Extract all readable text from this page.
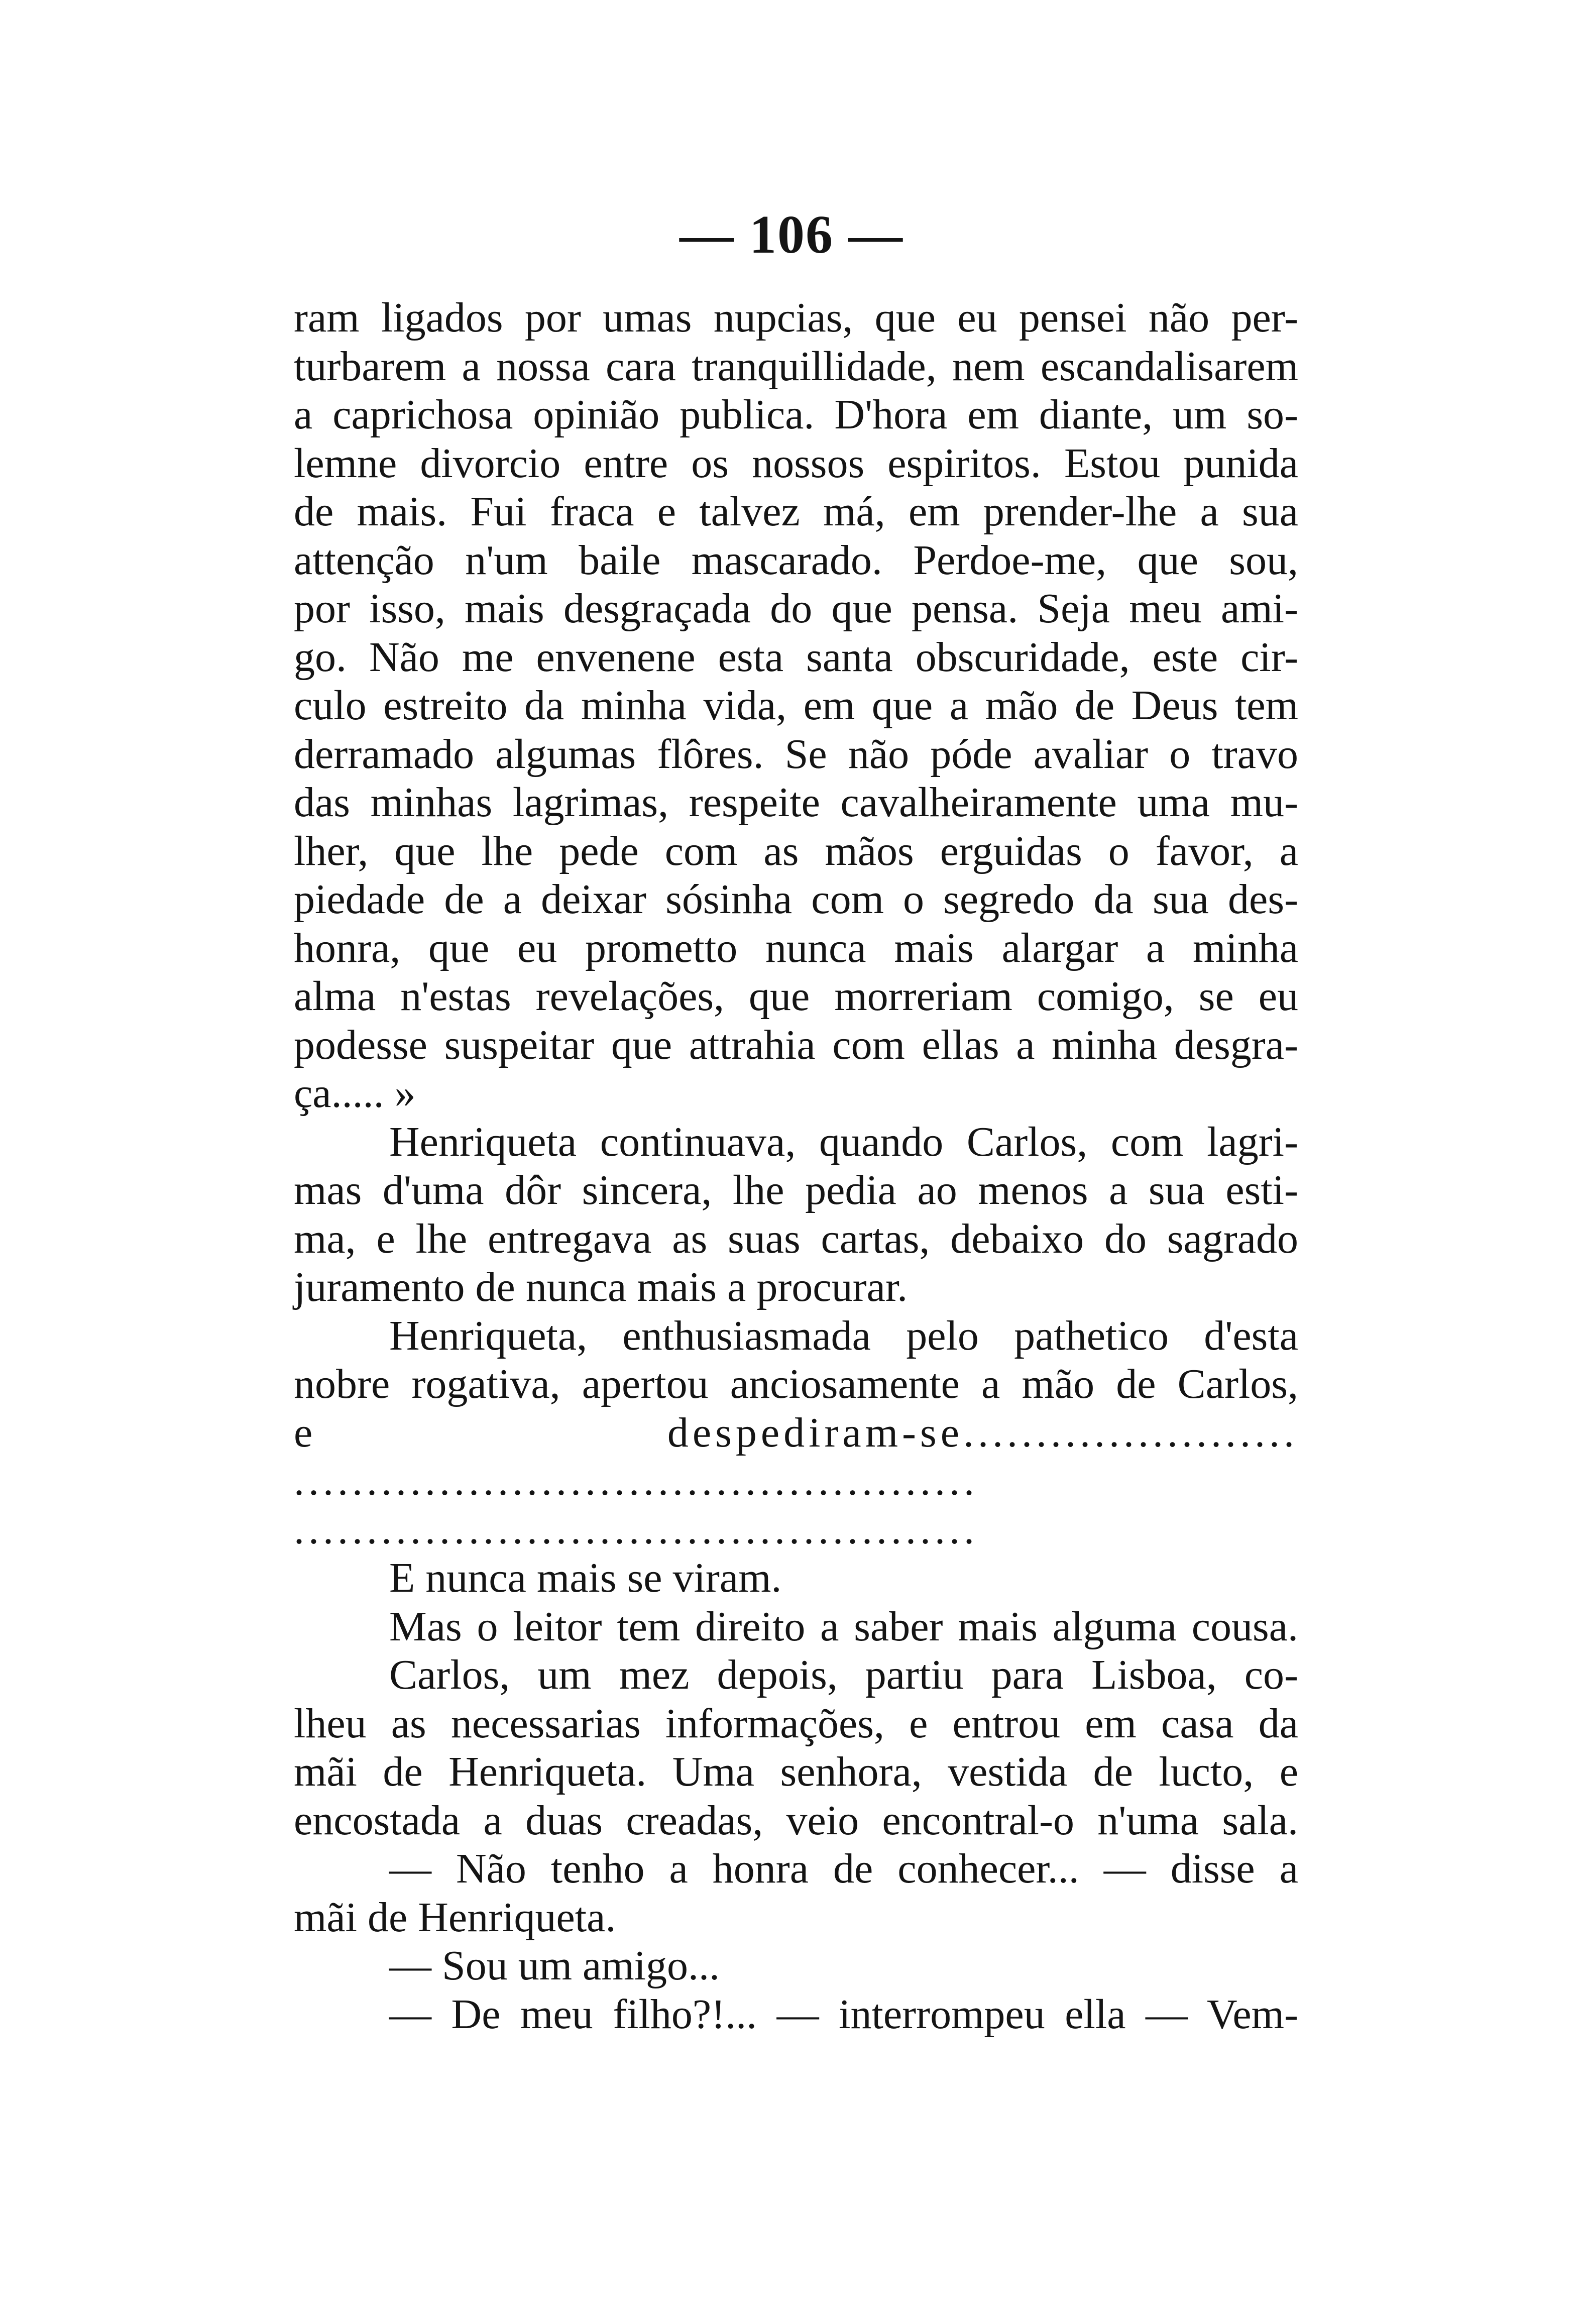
— 106 —
ram ligados por umas nupcias, que eu pensei não per-
turbarem a nossa cara tranquillidade, nem escandalisarem
a caprichosa opinião publica. D'hora em diante, um so-
lemne divorcio entre os nossos espiritos. Estou punida
de mais. Fui fraca e talvez má, em prender-lhe a sua
attenção n'um baile mascarado. Perdoe-me, que sou,
por isso, mais desgraçada do que pensa. Seja meu ami-
go. Não me envenene esta santa obscuridade, este cir-
culo estreito da minha vida, em que a mão de Deus tem
derramado algumas flôres. Se não póde avaliar o travo
das minhas lagrimas, respeite cavalheiramente uma mu-
lher, que lhe pede com as mãos erguidas o favor, a
piedade de a deixar sósinha com o segredo da sua des-
honra, que eu prometto nunca mais alargar a minha
alma n'estas revelações, que morreriam comigo, se eu
podesse suspeitar que attrahia com ellas a minha desgra-
ça..... »
Henriqueta continuava, quando Carlos, com lagri-
mas d'uma dôr sincera, lhe pedia ao menos a sua esti-
ma, e lhe entregava as suas cartas, debaixo do sagrado
juramento de nunca mais a procurar.
Henriqueta, enthusiasmada pelo pathetico d'esta
nobre rogativa, apertou anciosamente a mão de Carlos,
e despediram-se.......................
...............................................
...............................................
E nunca mais se viram.
Mas o leitor tem direito a saber mais alguma cousa.
Carlos, um mez depois, partiu para Lisboa, co-
lheu as necessarias informações, e entrou em casa da
mãi de Henriqueta. Uma senhora, vestida de lucto, e
encostada a duas creadas, veio encontral-o n'uma sala.
— Não tenho a honra de conhecer... — disse a
mãi de Henriqueta.
— Sou um amigo...
— De meu filho?!... — interrompeu ella — Vem-
